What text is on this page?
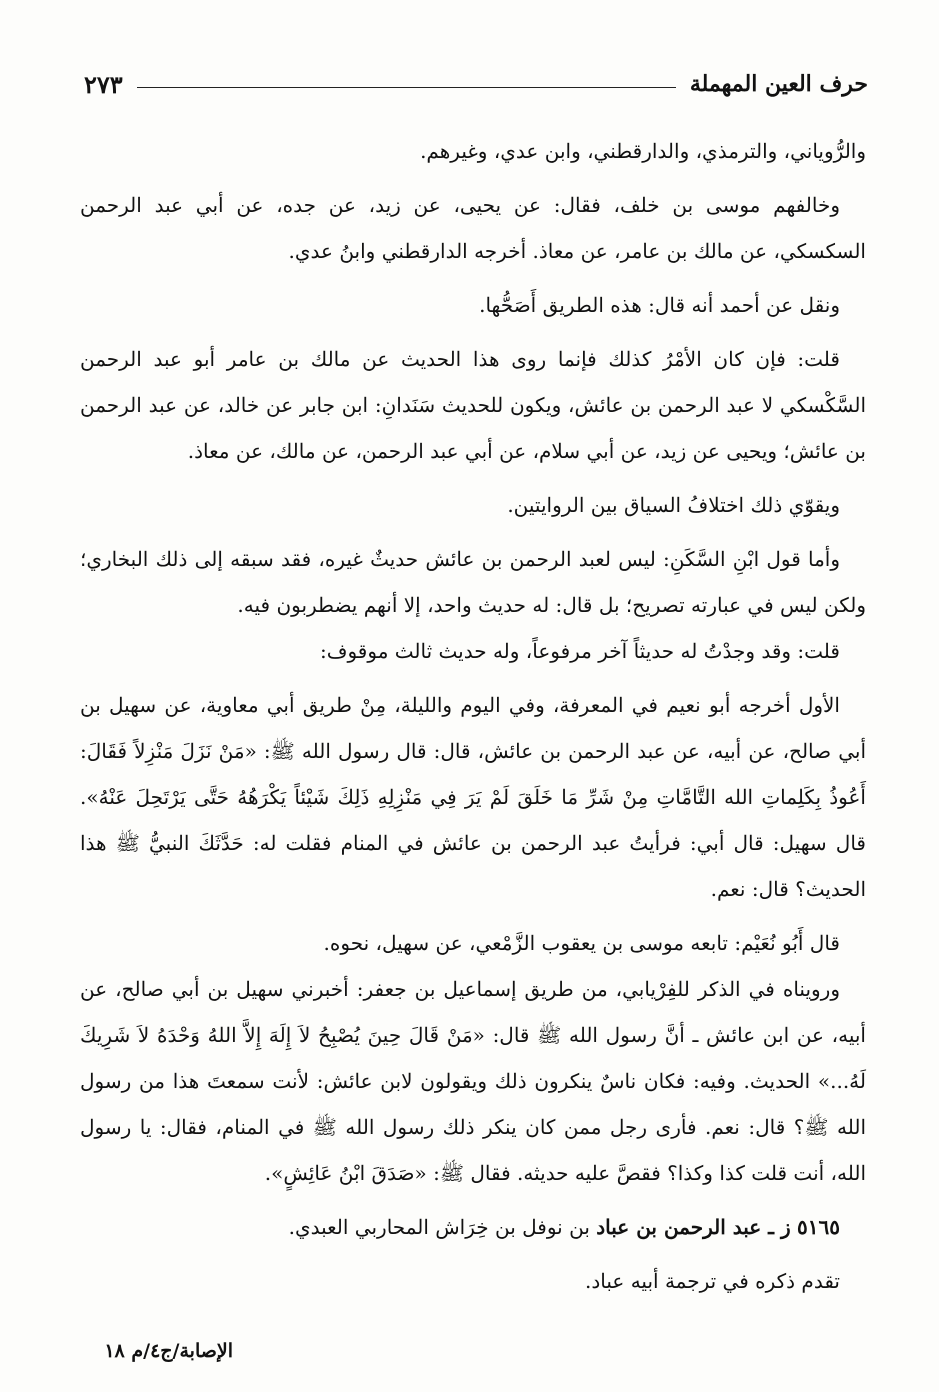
حرف العين المهملة
٢٧٣

والرُّوياني، والترمذي، والدارقطني، وابن عدي، وغيرهم.

وخالفهم موسى بن خلف، فقال: عن يحيى، عن زيد، عن جده، عن أبي عبد الرحمن السكسكي، عن مالك بن عامر، عن معاذ. أخرجه الدارقطني وابنُ عدي.

ونقل عن أحمد أنه قال: هذه الطريق أَصَحُّها.

قلت: فإن كان الأمْرُ كذلك فإنما روى هذا الحديث عن مالك بن عامر أبو عبد الرحمن السَّكْسكي لا عبد الرحمن بن عائش، ويكون للحديث سَنَدانِ: ابن جابر عن خالد، عن عبد الرحمن بن عائش؛ ويحيى عن زيد، عن أبي سلام، عن أبي عبد الرحمن، عن مالك، عن معاذ.

ويقوّي ذلك اختلافُ السياق بين الروايتين.

وأما قول ابْنِ السَّكَنِ: ليس لعبد الرحمن بن عائش حديثٌ غيره، فقد سبقه إلى ذلك البخاري؛ ولكن ليس في عبارته تصريح؛ بل قال: له حديث واحد، إلا أنهم يضطربون فيه.

قلت: وقد وجدْتُ له حديثاً آخر مرفوعاً، وله حديث ثالث موقوف:

الأول أخرجه أبو نعيم في المعرفة، وفي اليوم والليلة، مِنْ طريق أبي معاوية، عن سهيل بن أبي صالح، عن أبيه، عن عبد الرحمن بن عائش، قال: قال رسول الله ﷺ: «مَنْ نَزَلَ مَنْزِلاً فَقَالَ: أَعُوذُ بِكَلِماتِ الله التَّامَّاتِ مِنْ شَرِّ مَا خَلَقَ لَمْ يَرَ فِي مَنْزِلِهِ ذَلِكَ شَيْئاً يَكْرَهُهُ حَتَّى يَرْتَحِلَ عَنْهُ». قال سهيل: قال أبي: فرأيتُ عبد الرحمن بن عائش في المنام فقلت له: حَدَّثَكَ النبيُّ ﷺ هذا الحديث؟ قال: نعم.

قال أَبُو نُعَيْم: تابعه موسى بن يعقوب الزَّمْعي، عن سهيل، نحوه.

ورويناه في الذكر للفِرْيابي، من طريق إسماعيل بن جعفر: أخبرني سهيل بن أبي صالح، عن أبيه، عن ابن عائش ـ أنَّ رسول الله ﷺ قال: «مَنْ قَالَ حِينَ يُصْبِحُ لاَ إِلَهَ إِلاَّ اللهُ وَحْدَهُ لاَ شَرِيكَ لَهُ...» الحديث. وفيه: فكان ناسٌ ينكرون ذلك ويقولون لابن عائش: لأنت سمعتَ هذا من رسول الله ﷺ؟ قال: نعم. فأرى رجل ممن كان ينكر ذلك رسول الله ﷺ في المنام، فقال: يا رسول الله، أنت قلت كذا وكذا؟ فقصَّ عليه حديثه. فقال ﷺ: «صَدَقَ ابْنُ عَائِشٍ».

٥١٦٥ ز ـ عبد الرحمن بن عباد بن نوفل بن خِرَاش المحاربي العبدي.

تقدم ذكره في ترجمة أبيه عباد.

الإصابة/ج٤/م ١٨
